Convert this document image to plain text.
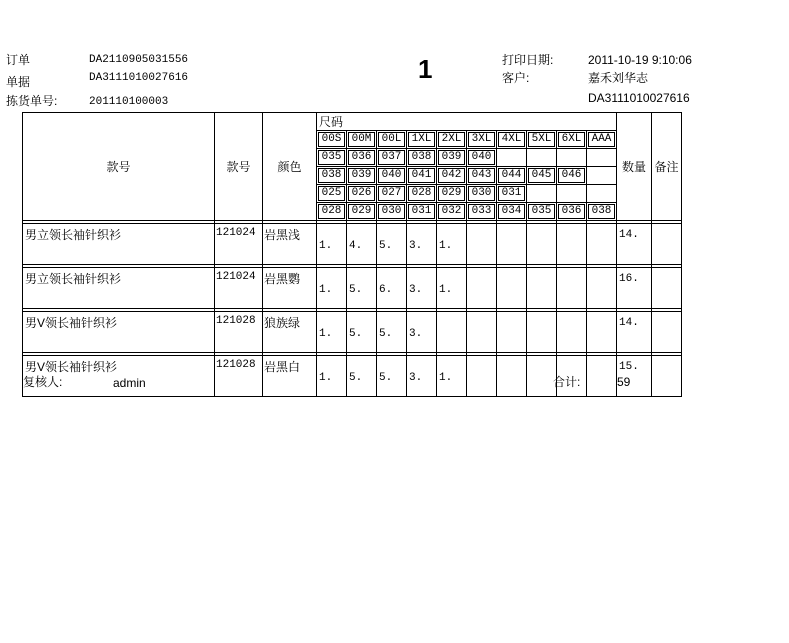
订单	DA2110905031556
单据	DA3111010027616
拣货单号:	201110100003
1	打印日期:	2011-10-19 9:10:06
客户:	嘉禾刘华志
DA3111010027616
款号	款号	颜色	尺码										数量	备注

			00S	00M	00L	1XL	2XL	3XL	4XL	5XL	6XL	AAA		

			035	036	037	038	039	040						

			038	039	040	041	042	043	044	045	046			

			025	026	027	028	029	030	031					

			028	029	030	031	032	033	034	035	036	038		

男立领长袖针织衫	121024	岩黑浅	1.	4.	5.	3.	1.						14.	

男立领长袖针织衫	121024	岩黑鹦	1.	5.	6.	3.	1.						16.	

男V领长袖针织衫	121028	狼族绿	1.	5.	5.	3.							14.	

男V领长袖针织衫	121028	岩黑白	1.	5.	5.	3.	1.						15.	
复核人:	admin	合计:	59
